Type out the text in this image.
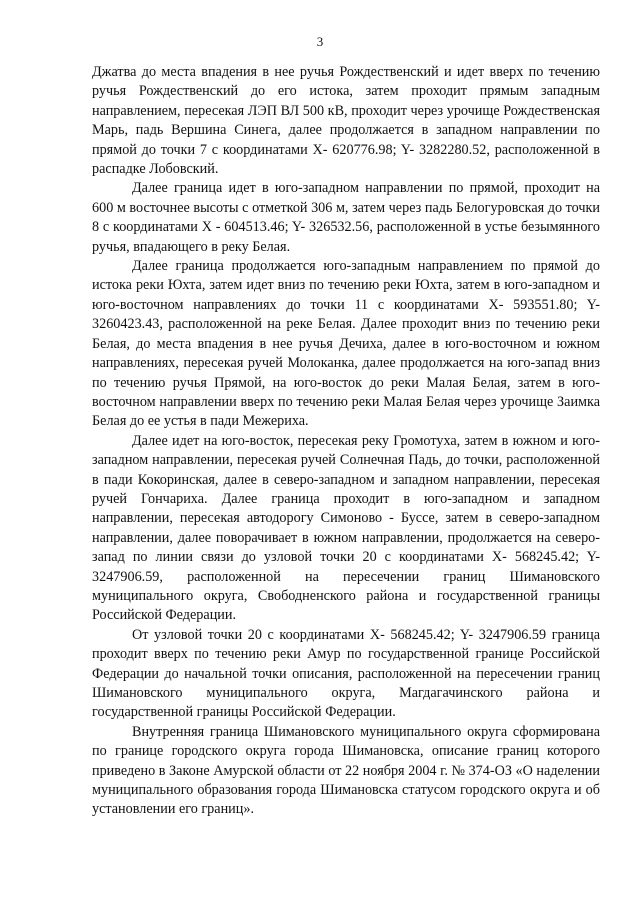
3

Джатва до места впадения в нее ручья Рождественский и идет вверх по течению ручья Рождественский до его истока, затем проходит прямым западным направлением, пересекая ЛЭП ВЛ 500 кВ, проходит через урочище Рождественская Марь, падь Вершина Синега, далее продолжается в западном направлении по прямой до точки 7 с координатами X- 620776.98; Y- 3282280.52, расположенной в распадке Лобовский.

Далее граница идет в юго-западном направлении по прямой, проходит на 600 м восточнее высоты с отметкой 306 м, затем через падь Белогуровская до точки 8 с координатами X - 604513.46; Y- 326532.56, расположенной в устье безымянного ручья, впадающего в реку Белая.

Далее граница продолжается юго-западным направлением по прямой до истока реки Юхта, затем идет вниз по течению реки Юхта, затем в юго-западном и юго-восточном направлениях до точки 11 с координатами X- 593551.80; Y- 3260423.43, расположенной на реке Белая. Далее проходит вниз по течению реки Белая, до места впадения в нее ручья Дечиха, далее в юго-восточном и южном направлениях, пересекая ручей Молоканка, далее продолжается на юго-запад вниз по течению ручья Прямой, на юго-восток до реки Малая Белая, затем в юго-восточном направлении вверх по течению реки Малая Белая через урочище Заимка Белая до ее устья в пади Межериха.

Далее идет на юго-восток, пересекая реку Громотуха, затем в южном и юго-западном направлении, пересекая ручей Солнечная Падь, до точки, расположенной в пади Кокоринская, далее в северо-западном и западном направлении, пересекая ручей Гончариха. Далее граница проходит в юго-западном и западном направлении, пересекая автодорогу Симоново - Буссе, затем в северо-западном направлении, далее поворачивает в южном направлении, продолжается на северо-запад по линии связи до узловой точки 20 с координатами X- 568245.42; Y- 3247906.59, расположенной на пересечении границ Шимановского муниципального округа, Свободненского района и государственной границы Российской Федерации.

От узловой точки 20 с координатами X- 568245.42; Y- 3247906.59 граница проходит вверх по течению реки Амур по государственной границе Российской Федерации до начальной точки описания, расположенной на пересечении границ Шимановского муниципального округа, Магдагачинского района и государственной границы Российской Федерации.

Внутренняя граница Шимановского муниципального округа сформирована по границе городского округа города Шимановска, описание границ которого приведено в Законе Амурской области от 22 ноября 2004 г. № 374-ОЗ «О наделении муниципального образования города Шимановска статусом городского округа и об установлении его границ».
